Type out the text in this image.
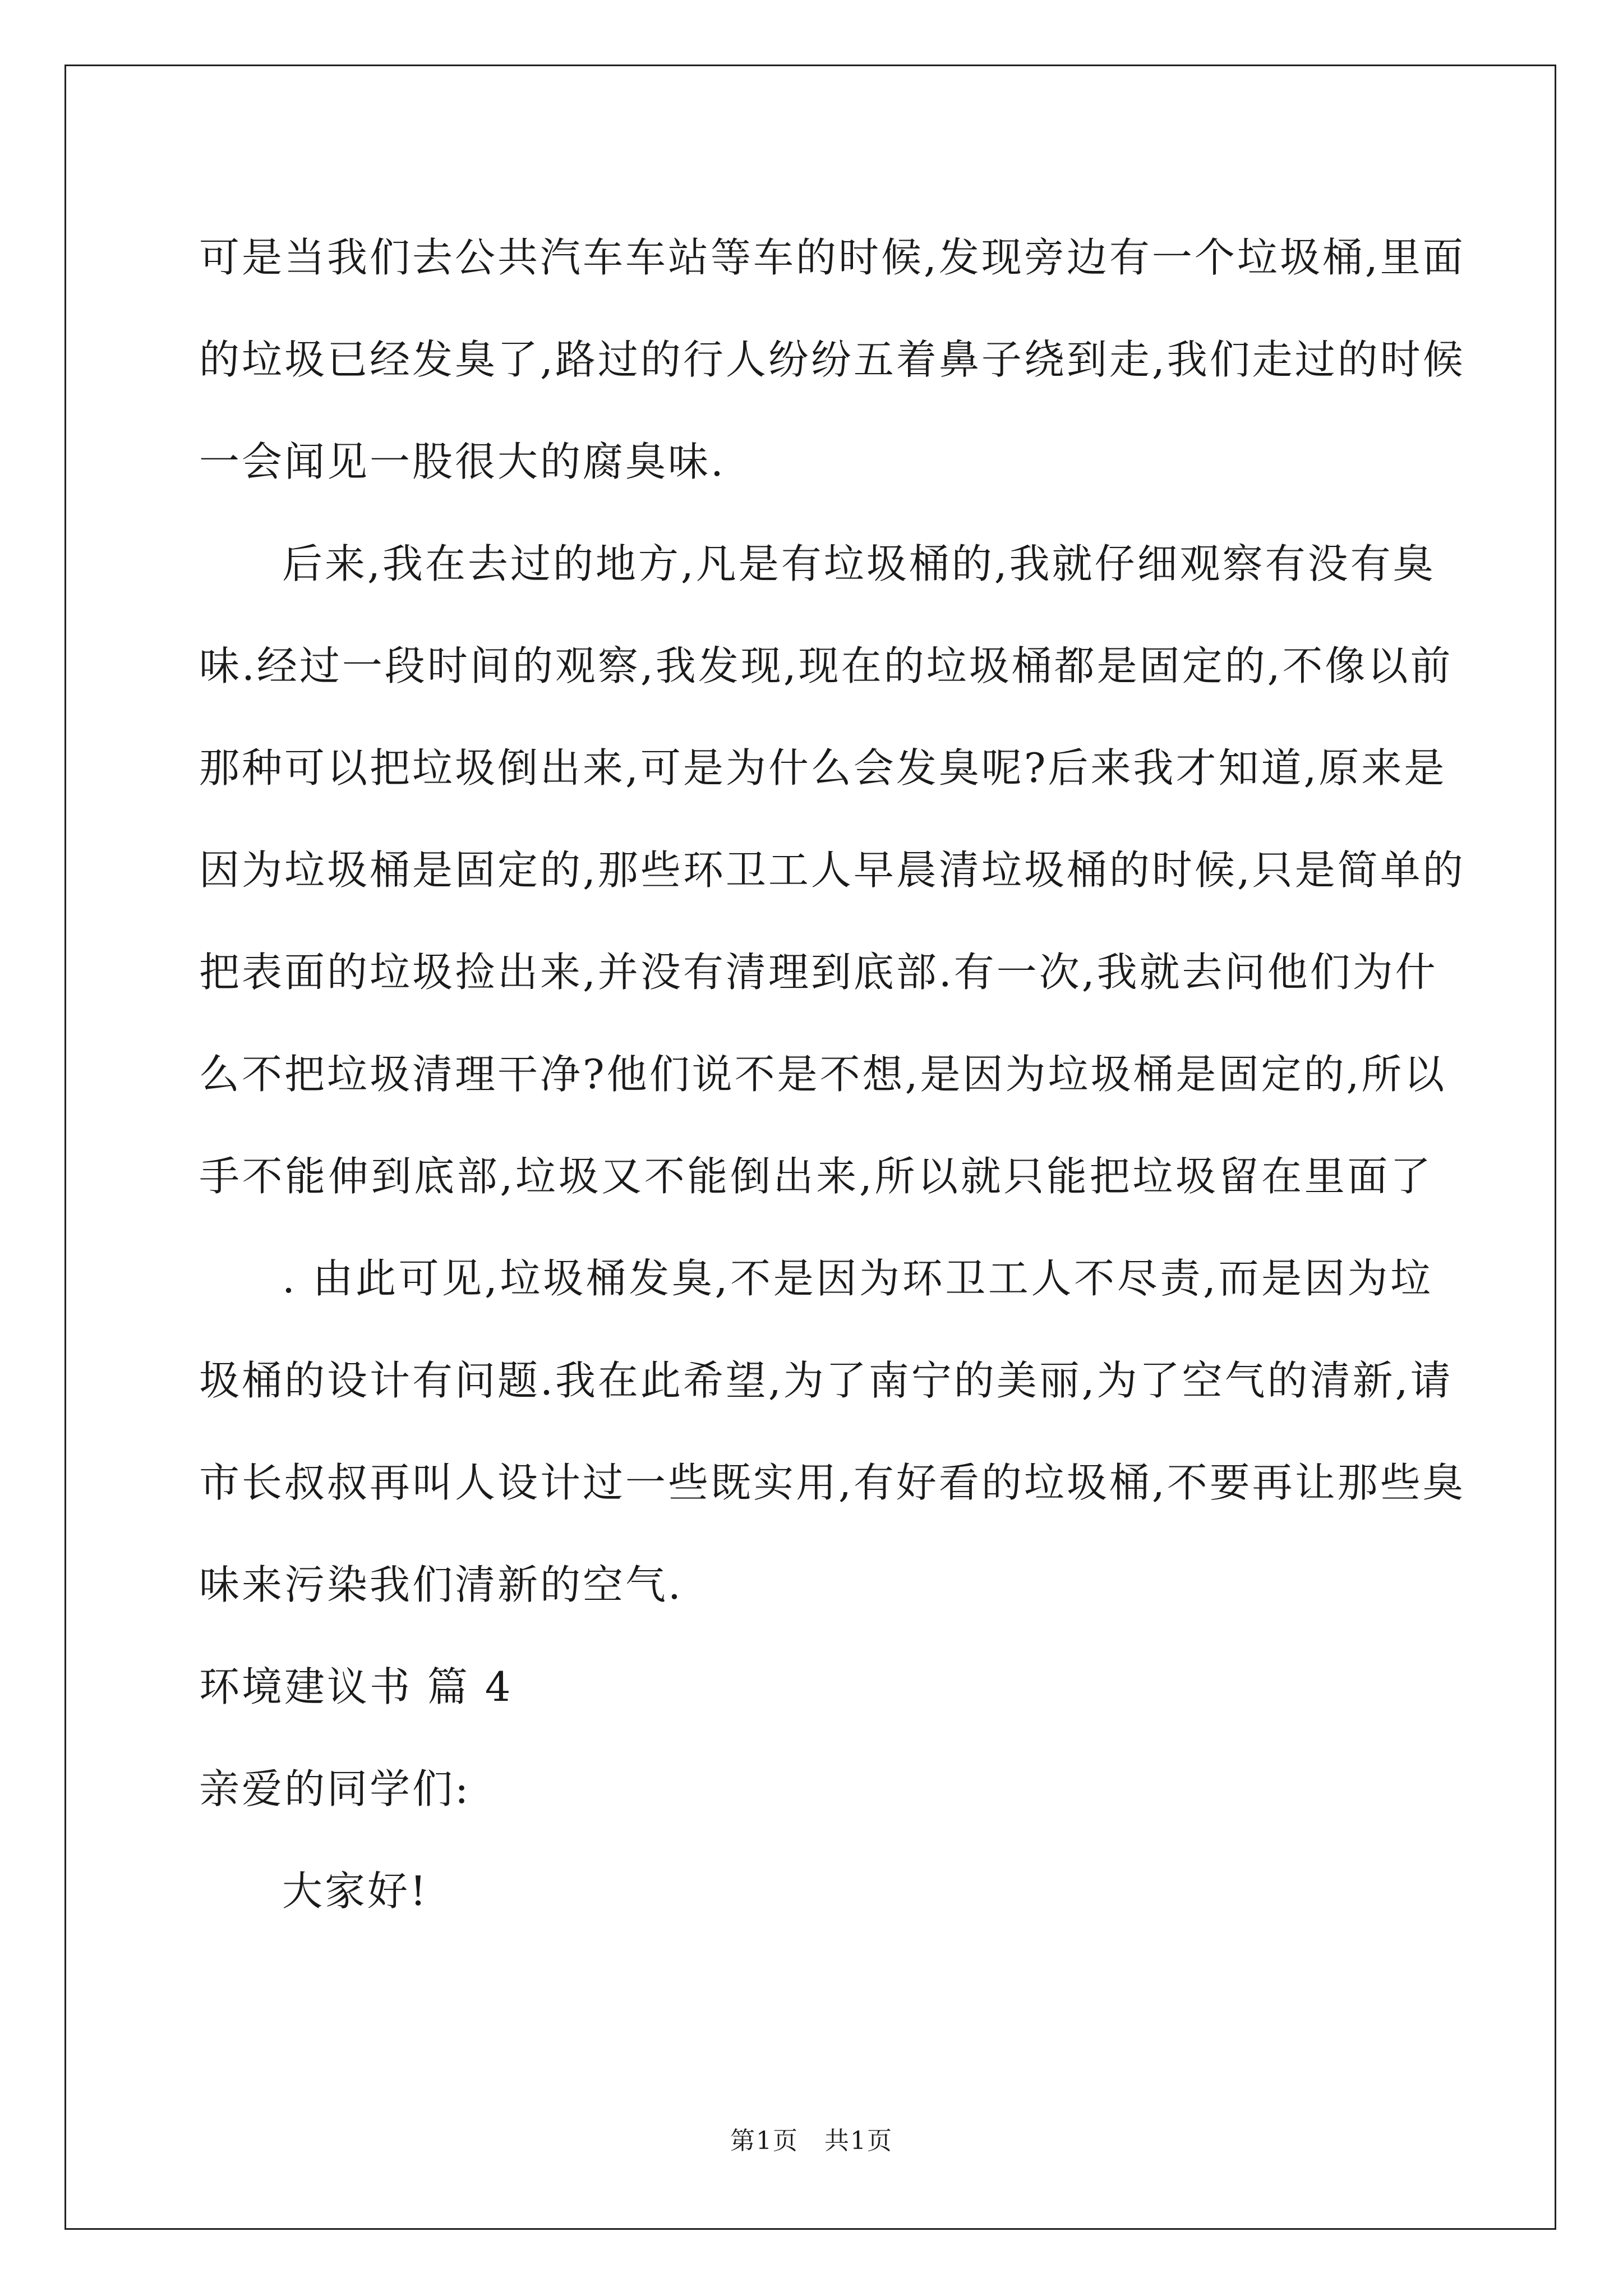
可是当我们去公共汽车车站等车的时候,发现旁边有一个垃圾桶,里面
的垃圾已经发臭了,路过的行人纷纷五着鼻子绕到走,我们走过的时候
一会闻见一股很大的腐臭味.
后来,我在去过的地方,凡是有垃圾桶的,我就仔细观察有没有臭
味.经过一段时间的观察,我发现,现在的垃圾桶都是固定的,不像以前
那种可以把垃圾倒出来,可是为什么会发臭呢?后来我才知道,原来是
因为垃圾桶是固定的,那些环卫工人早晨清垃圾桶的时候,只是简单的
把表面的垃圾捡出来,并没有清理到底部.有一次,我就去问他们为什
么不把垃圾清理干净?他们说不是不想,是因为垃圾桶是固定的,所以
手不能伸到底部,垃圾又不能倒出来,所以就只能把垃圾留在里面了
. 由此可见,垃圾桶发臭,不是因为环卫工人不尽责,而是因为垃
圾桶的设计有问题.我在此希望,为了南宁的美丽,为了空气的清新,请
市长叔叔再叫人设计过一些既实用,有好看的垃圾桶,不要再让那些臭
味来污染我们清新的空气.
环境建议书 篇 4
亲爱的同学们:
大家好!
第1页　共1页
